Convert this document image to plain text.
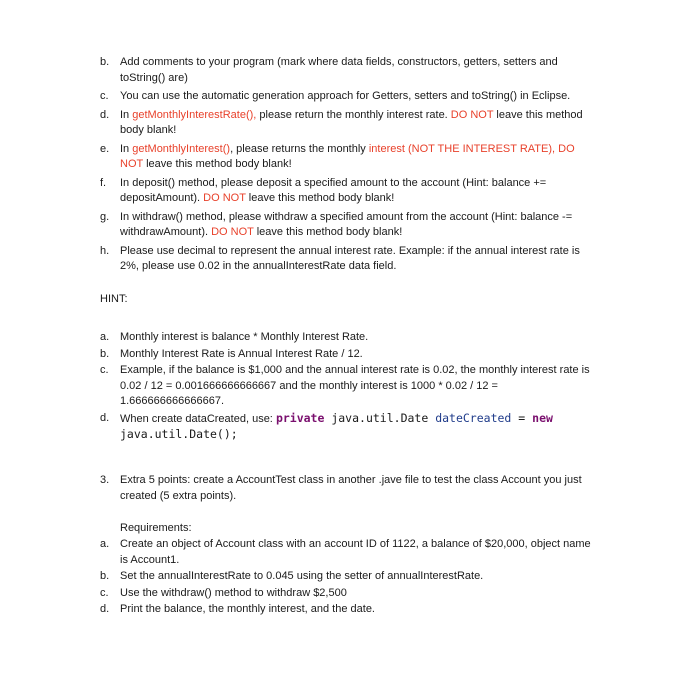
b. Add comments to your program (mark where data fields, constructors, getters, setters and toString() are)
c.	You can use the automatic generation approach for Getters, setters and toString() in Eclipse.
d. In getMonthlyInterestRate(), please return the monthly interest rate. DO NOT leave this method body blank!
e. In getMonthlyInterest(), please returns the monthly interest (NOT THE INTEREST RATE), DO NOT leave this method body blank!
f.	In deposit() method, please deposit a specified amount to the account (Hint: balance += depositAmount). DO NOT leave this method body blank!
g. In withdraw() method, please withdraw a specified amount from the account (Hint: balance -= withdrawAmount). DO NOT leave this method body blank!
h. Please use decimal to represent the annual interest rate. Example: if the annual interest rate is 2%, please use 0.02 in the annualInterestRate data field.
HINT:
a. Monthly interest is balance * Monthly Interest Rate.
b. Monthly Interest Rate is Annual Interest Rate / 12.
c.	Example, if the balance is $1,000 and the annual interest rate is 0.02, the monthly interest rate is 0.02 / 12 = 0.001666666666667 and the monthly interest is 1000 * 0.02 / 12 = 1.666666666666667.
d. When create dataCreated, use: private java.util.Date dateCreated = new
java.util.Date();
3. Extra 5 points: create a AccountTest class in another .jave file to test the class Account you just created (5 extra points).
Requirements:
a. Create an object of Account class with an account ID of 1122, a balance of $20,000, object name is Account1.
b. Set the annualInterestRate to 0.045 using the setter of annualInterestRate.
c.	Use the withdraw() method to withdraw $2,500
d. Print the balance, the monthly interest, and the date.
